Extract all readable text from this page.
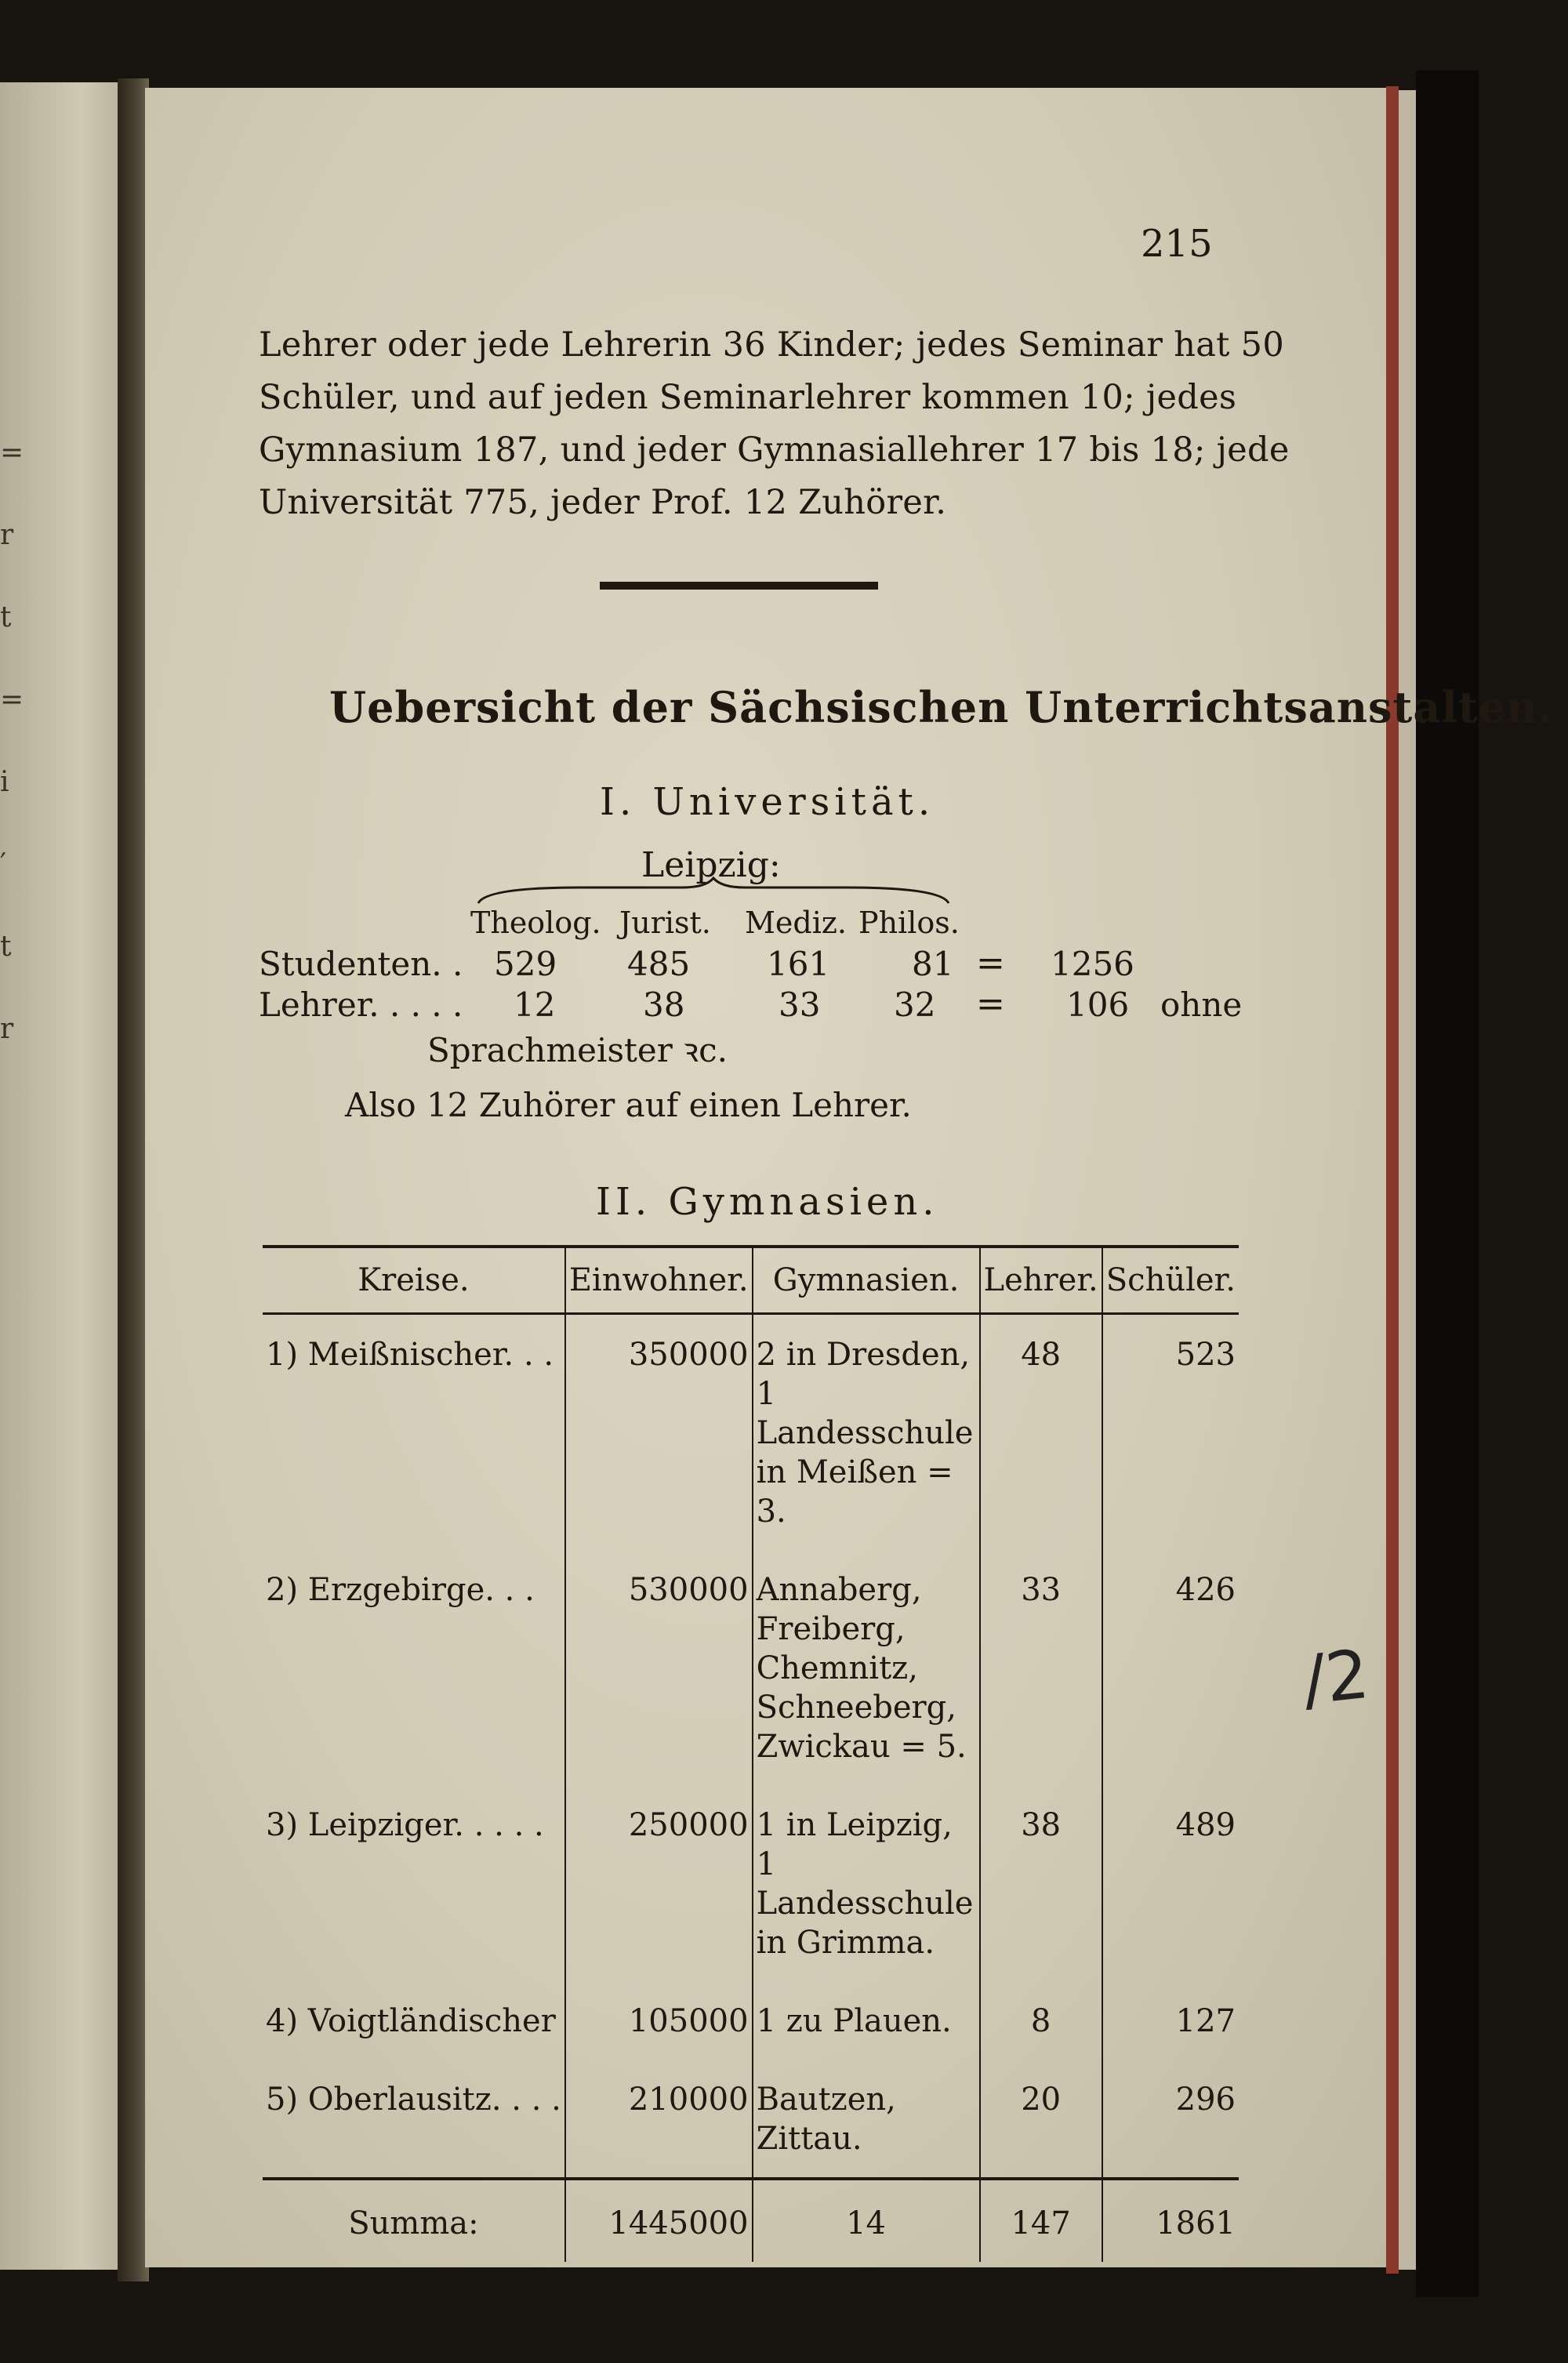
=
r
t
=
i
′
t
r
215
Lehrer oder jede Lehrerin 36 Kinder; jedes Seminar hat 50
Schüler, und auf jeden Seminarlehrer kommen 10; jedes
Gymnasium 187, und jeder Gymnasiallehrer 17 bis 18; jede
Universität 775, jeder Prof. 12 Zuhörer.
Uebersicht der Sächsischen Unterrichtsanstalten.
I. Universität.
Leipzig:
Theolog. Jurist. Mediz. Philos.
Studenten. . 529 485 161 81 = 1256
Lehrer. . . . . 12	38	33 32 = 106 ohne
Sprachmeister ꝛc.
Also 12 Zuhörer auf einen Lehrer.
II. Gymnasien.
Kreise.	Einwohner.	Gymnasien.	Lehrer.	Schüler.
1) Meißnischer. . .	350000	2 in Dresden, 1 Landesschule in Meißen = 3.	48	523
2) Erzgebirge. . .	530000	Annaberg, Freiberg, Chemnitz, Schneeberg, Zwickau = 5.	33	426
3) Leipziger. . . . .	250000	1 in Leipzig, 1 Landesschule in Grimma.	38	489
4) Voigtländischer	105000	1 zu Plauen.	8	127
5) Oberlausitz. . . .	210000	Bautzen, Zittau.	20	296
Summa:	1445000	14	147	1861
/2
